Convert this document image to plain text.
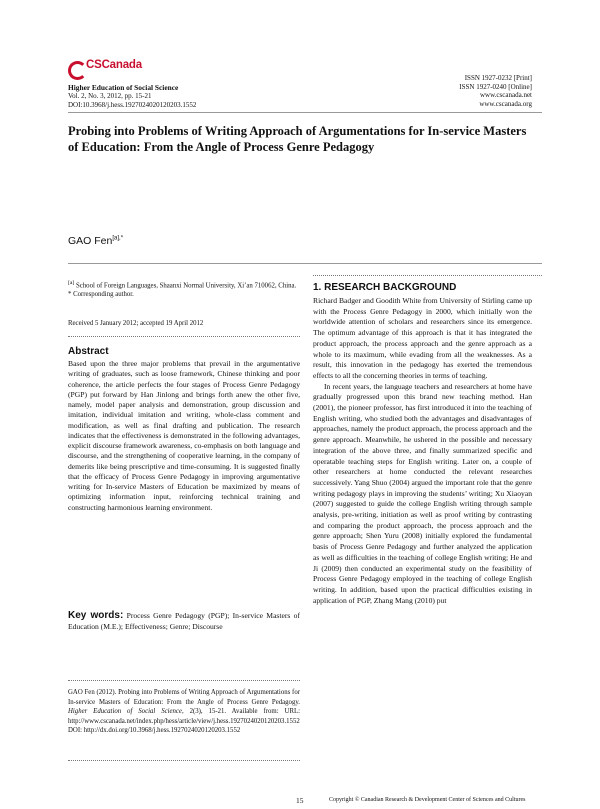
CSCanada
Higher Education of Social Science
Vol. 2, No. 3, 2012, pp. 15-21
DOI:10.3968/j.hess.1927024020120203.1552
ISSN 1927-0232 [Print]
ISSN 1927-0240 [Online]
www.cscanada.net
www.cscanada.org
Probing into Problems of Writing Approach of Argumentations for In-service Masters of Education: From the Angle of Process Genre Pedagogy
GAO Fen$^{[a],*}$
[a] School of Foreign Languages, Shaanxi Normal University, Xi’an 710062, China.
* Corresponding author.
Received 5 January 2012; accepted 19 April 2012
Abstract
Based upon the three major problems that prevail in the argumentative writing of graduates, such as loose framework, Chinese thinking and poor coherence, the article perfects the four stages of Process Genre Pedagogy (PGP) put forward by Han Jinlong and brings forth anew the other five, namely, model paper analysis and demonstration, group discussion and imitation, individual imitation and writing, whole-class comment and modification, as well as final drafting and publication. The research indicates that the effectiveness is demonstrated in the following advantages, explicit discourse framework awareness, co-emphasis on both language and discourse, and the strengthening of cooperative learning, in the company of demerits like being prescriptive and time-consuming. It is suggested finally that the efficacy of Process Genre Pedagogy in improving argumentative writing for In-service Masters of Education be maximized by means of optimizing information input, reinforcing technical training and constructing harmonious learning environment.
Key words: Process Genre Pedagogy (PGP); In-service Masters of Education (M.E.); Effectiveness; Genre; Discourse
GAO Fen (2012). Probing into Problems of Writing Approach of Argumentations for In-service Masters of Education: From the Angle of Process Genre Pedagogy. Higher Education of Social Science, 2(3), 15-21. Available from: URL: http://www.cscanada.net/index.php/hess/article/view/j.hess.1927024020120203.1552
DOI: http://dx.doi.org/10.3968/j.hess.1927024020120203.1552
1. RESEARCH BACKGROUND

Richard Badger and Goodith White from University of Stirling came up with the Process Genre Pedagogy in 2000, which initially won the worldwide attention of scholars and researchers since its emergence. The optimum advantage of this approach is that it has integrated the product approach, the process approach and the genre approach as a whole to its maximum, while evading from all the weaknesses. As a result, this innovation in the pedagogy has exerted the tremendous effects to all the concerning theories in terms of teaching.

In recent years, the language teachers and researchers at home have gradually progressed upon this brand new teaching method. Han (2001), the pioneer professor, has first introduced it into the teaching of English writing, who studied both the advantages and disadvantages of approaches, namely the product approach, the process approach and the genre approach. Meanwhile, he ushered in the possible and necessary integration of the above three, and finally summarized specific and operatable teaching steps for English writing. Later on, a couple of other researchers at home conducted the relevant researches successively. Yang Shuo (2004) argued the important role that the genre writing pedagogy plays in improving the students’ writing; Xu Xiaoyan (2007) suggested to guide the college English writing through sample analysis, pre-writing, initiation as well as proof writing by contrasting and comparing the product approach, the process approach and the genre approach; Shen Yuru (2008) initially explored the fundamental basis of Process Genre Pedagogy and further analyzed the application as well as difficulties in the teaching of college English writing; He and Ji (2009) then conducted an experimental study on the feasibility of Process Genre Pedagogy employed in the teaching of college English writing. In addition, based upon the practical difficulties existing in application of PGP, Zhang Mang (2010) put

15	Copyright © Canadian Research & Development Center of Sciences and Cultures
